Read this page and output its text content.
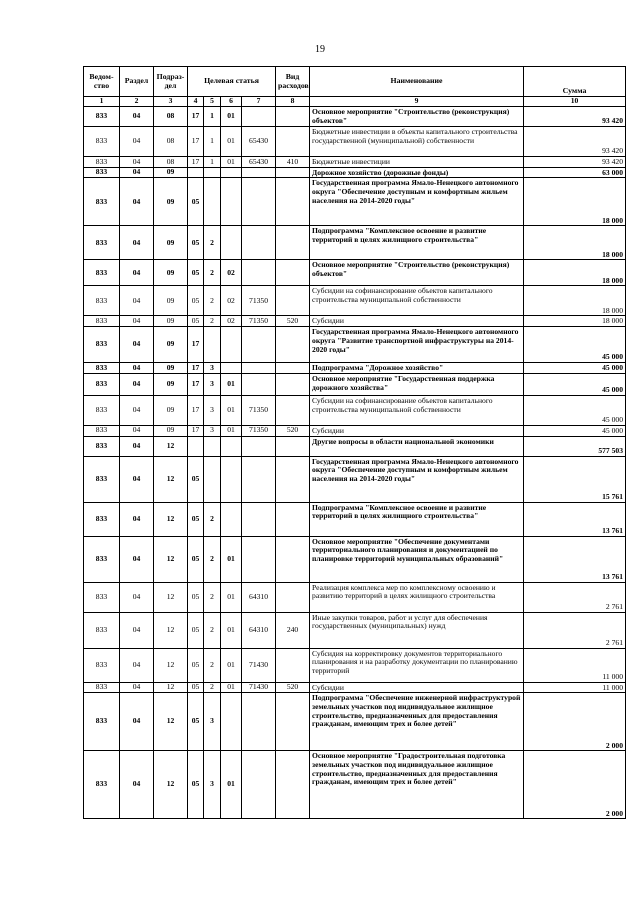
19
Ведом-ство	Раздел	Подраз-дел	Целевая статья				Вид расходов	Наименование	Сумма
1	2	3	4	5	6	7	8	9	10
833	04	08	17	1	01			Основное мероприятие "Строительство (реконструкция) объектов"	93 420
833	04	08	17	1	01	65430		Бюджетные инвестиции в объекты капитального строительства государственной (муниципальной) собственности	93 420
833	04	08	17	1	01	65430	410	Бюджетные инвестиции	93 420
833	04	09						Дорожное хозяйство (дорожные фонды)	63 000
833	04	09	05					Государственная программа Ямало-Ненецкого автономного округа "Обеспечение доступным и комфортным жильем населения на 2014-2020 годы"	18 000
833	04	09	05	2				Подпрограмма "Комплексное освоение и развитие территорий в целях жилищного строительства"	18 000
833	04	09	05	2	02			Основное мероприятие "Строительство (реконструкция) объектов"	18 000
833	04	09	05	2	02	71350		Субсидии на софинансирование объектов капитального строительства муниципальной собственности	18 000
833	04	09	05	2	02	71350	520	Субсидии	18 000
833	04	09	17					Государственная программа Ямало-Ненецкого автономного округа "Развитие транспортной инфраструктуры на 2014-2020 годы"	45 000
833	04	09	17	3				Подпрограмма "Дорожное хозяйство"	45 000
833	04	09	17	3	01			Основное мероприятие "Государственная поддержка дорожного хозяйства"	45 000
833	04	09	17	3	01	71350		Субсидии на софинансирование объектов капитального строительства муниципальной собственности	45 000
833	04	09	17	3	01	71350	520	Субсидии	45 000
833	04	12						Другие вопросы в области национальной экономики	577 503
833	04	12	05					Государственная программа Ямало-Ненецкого автономного округа "Обеспечение доступным и комфортным жильем населения на 2014-2020 годы"	15 761
833	04	12	05	2				Подпрограмма "Комплексное освоение и развитие территорий в целях жилищного строительства"	13 761
833	04	12	05	2	01			Основное мероприятие "Обеспечение документами территориального планирования и документацией по планировке территорий муниципальных образований"	13 761
833	04	12	05	2	01	64310		Реализация комплекса мер по комплексному освоению и развитию территорий в целях жилищного строительства	2 761
833	04	12	05	2	01	64310	240	Иные закупки товаров, работ и услуг для обеспечения государственных (муниципальных) нужд	2 761
833	04	12	05	2	01	71430		Субсидия на корректировку документов территориального планирования и на разработку документации по планированию территорий	11 000
833	04	12	05	2	01	71430	520	Субсидии	11 000
833	04	12	05	3				Подпрограмма "Обеспечение инженерной инфраструктурой земельных участков под индивидуальное жилищное строительство, предназначенных для предоставления гражданам, имеющим трех и более детей"	2 000
833	04	12	05	3	01			Основное мероприятие "Градостроительная подготовка земельных участков под индивидуальное жилищное строительство, предназначенных для предоставления гражданам, имеющим трех и более детей"	2 000
